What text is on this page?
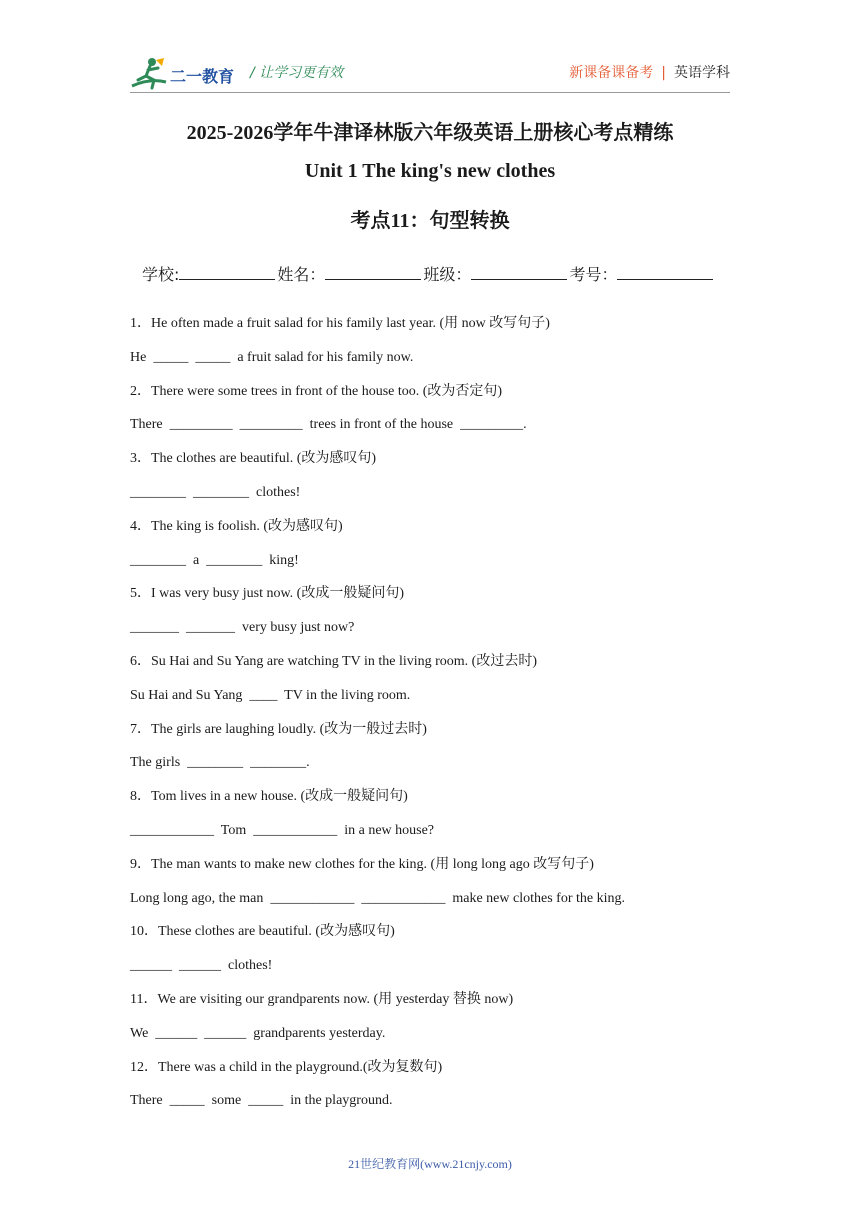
二一教育 / 让学习更有效	新课备课备考 | 英语学科
2025-2026学年牛津译林版六年级英语上册核心考点精练
Unit 1 The king's new clothes
考点11：句型转换
学校:	姓名：	班级：	考号：
1．He often made a fruit salad for his family last year. (用 now 改写句子)
He  _____  _____  a fruit salad for his family now.
2．There were some trees in front of the house too. (改为否定句)
There  _________  _________  trees in front of the house  _________.
3．The clothes are beautiful. (改为感叹句)
________  ________  clothes!
4．The king is foolish. (改为感叹句)
________  a  ________  king!
5．I was very busy just now. (改成一般疑问句)
_______  _______  very busy just now?
6．Su Hai and Su Yang are watching TV in the living room. (改过去时)
Su Hai and Su Yang  ____  TV in the living room.
7．The girls are laughing loudly. (改为一般过去时)
The girls  ________  ________.
8．Tom lives in a new house. (改成一般疑问句)
____________  Tom  ____________  in a new house?
9．The man wants to make new clothes for the king. (用 long long ago 改写句子)
Long long ago, the man  ____________  ____________  make new clothes for the king.
10．These clothes are beautiful. (改为感叹句)
______  ______  clothes!
11．We are visiting our grandparents now. (用 yesterday 替换 now)
We  ______  ______  grandparents yesterday.
12．There was a child in the playground.(改为复数句)
There  _____  some  _____  in the playground.
21世纪教育网(www.21cnjy.com)
